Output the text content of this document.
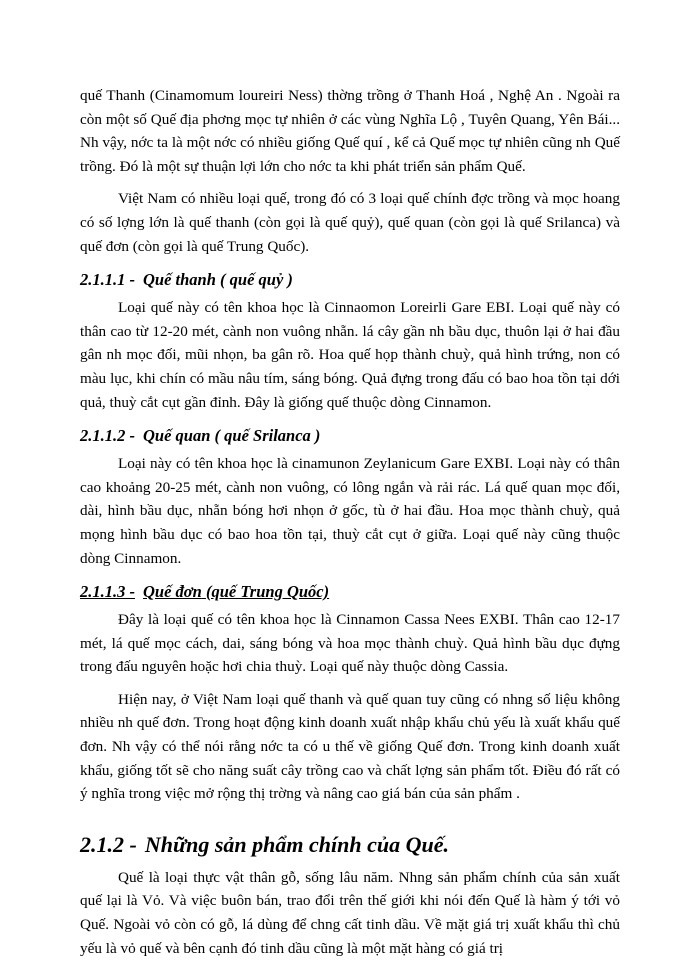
quế Thanh (Cinamomum loureiri Ness) thờng trồng ở Thanh Hoá , Nghệ An . Ngoài ra còn một số Quế địa phơng mọc tự nhiên ở các vùng Nghĩa Lộ , Tuyên Quang, Yên Bái... Nh vậy, nớc ta là một nớc có nhiều giống Quế quí , kể cả Quế mọc tự nhiên cũng nh Quế trồng. Đó là một sự thuận lợi lớn cho nớc ta khi phát triển sản phẩm Quế.

Việt Nam có nhiều loại quế, trong đó có 3 loại quế chính đợc trồng và mọc hoang có số lợng lớn là quế thanh (còn gọi là quế quỷ), quế quan (còn gọi là quế Srilanca) và quế đơn (còn gọi là quế Trung Quốc).

2.1.1.1 - Quế thanh ( quế quỷ )

Loại quế này có tên khoa học là Cinnaomon Loreirli Gare EBI. Loại quế này có thân cao từ 12-20 mét, cành non vuông nhẵn. lá cây gần nh bầu dục, thuôn lại ở hai đầu gân nh mọc đối, mũi nhọn, ba gân rõ. Hoa quế họp thành chuỳ, quả hình trứng, non có màu lục, khi chín có mầu nâu tím, sáng bóng. Quả đựng trong đấu có bao hoa tồn tại dới quả, thuỳ cắt cụt gần đỉnh. Đây là giống quế thuộc dòng Cinnamon.

2.1.1.2 - Quế quan ( quế Srilanca )

Loại này có tên khoa học là cinamunon Zeylanicum Gare EXBI. Loại này có thân cao khoảng 20-25 mét, cành non vuông, có lông ngắn và rải rác. Lá quế quan mọc đối, dài, hình bầu dục, nhẵn bóng hơi nhọn ở gốc, tù ở hai đầu. Hoa mọc thành chuỳ, quả mọng hình bầu dục có bao hoa tồn tại, thuỳ cắt cụt ở giữa. Loại quế này cũng thuộc dòng Cinnamon.

2.1.1.3 - Quế đơn (quế Trung Quốc)

Đây là loại quế có tên khoa học là Cinnamon Cassa Nees EXBI. Thân cao 12-17 mét, lá quế mọc cách, dai, sáng bóng và hoa mọc thành chuỳ. Quả hình bầu dục đựng trong đấu nguyên hoặc hơi chia thuỳ. Loại quế này thuộc dòng Cassia.

Hiện nay, ở Việt Nam loại quế thanh và quế quan tuy cũng có nhng số liệu không nhiều nh quế đơn. Trong hoạt động kinh doanh xuất nhập khẩu chủ yếu là xuất khẩu quế đơn. Nh vậy có thể nói rằng nớc ta có u thế về giống Quế đơn. Trong kinh doanh xuất khẩu, giống tốt sẽ cho năng suất cây trồng cao và chất lợng sản phẩm tốt. Điều đó rất có ý nghĩa trong việc mở rộng thị trờng và nâng cao giá bán của sản phẩm .

2.1.2 - Những sản phẩm chính của Quế.

Quế là loại thực vật thân gỗ, sống lâu năm. Nhng sản phẩm chính của sản xuất quế lại là Vỏ. Và việc buôn bán, trao đổi trên thế giới khi nói đến Quế là hàm ý tới vỏ Quế. Ngoài vỏ còn có gỗ, lá dùng để chng cất tinh dầu. Về mặt giá trị xuất khẩu thì chủ yếu là vỏ quế và bên cạnh đó tinh dầu cũng là một mặt hàng có giá trị
